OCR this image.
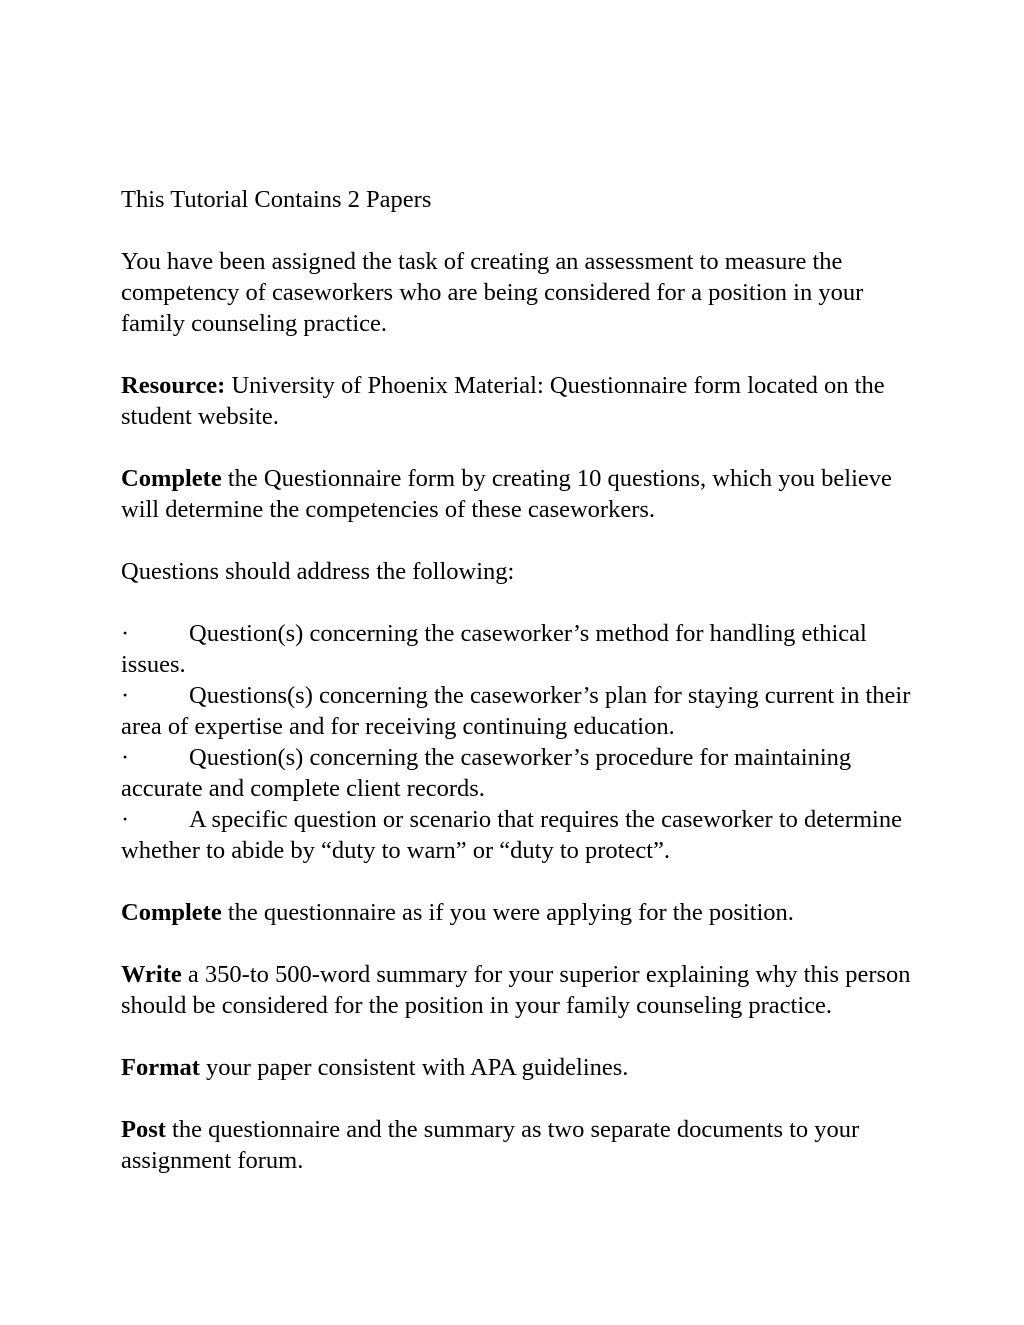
This Tutorial Contains 2 Papers

You have been assigned the task of creating an assessment to measure the competency of caseworkers who are being considered for a position in your family counseling practice.

Resource: University of Phoenix Material: Questionnaire form located on the student website.

Complete the Questionnaire form by creating 10 questions, which you believe will determine the competencies of these caseworkers.

Questions should address the following:

· Question(s) concerning the caseworker’s method for handling ethical issues.

· Questions(s) concerning the caseworker’s plan for staying current in their area of expertise and for receiving continuing education.

· Question(s) concerning the caseworker’s procedure for maintaining accurate and complete client records.

· A specific question or scenario that requires the caseworker to determine whether to abide by “duty to warn” or “duty to protect”.

Complete the questionnaire as if you were applying for the position.

Write a 350-to 500-word summary for your superior explaining why this person should be considered for the position in your family counseling practice.

Format your paper consistent with APA guidelines.

Post the questionnaire and the summary as two separate documents to your assignment forum.
